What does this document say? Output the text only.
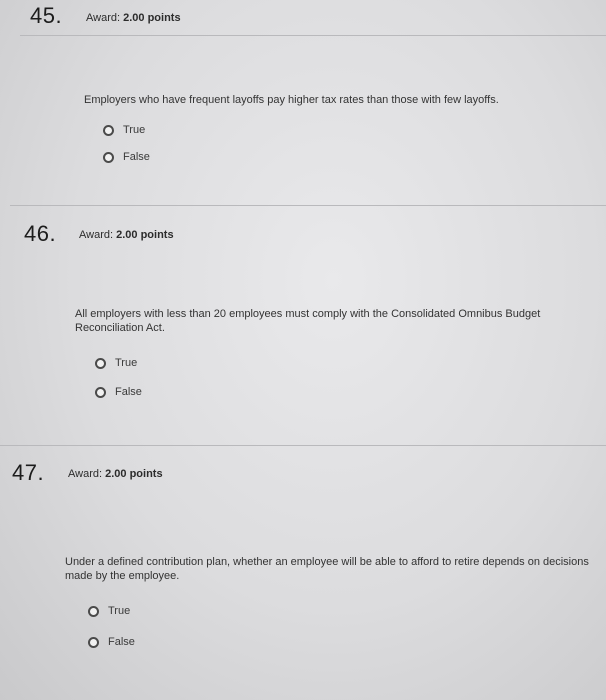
45. Award: 2.00 points
Employers who have frequent layoffs pay higher tax rates than those with few layoffs.
True
False
46. Award: 2.00 points
All employers with less than 20 employees must comply with the Consolidated Omnibus Budget Reconciliation Act.
True
False
47. Award: 2.00 points
Under a defined contribution plan, whether an employee will be able to afford to retire depends on decisions made by the employee.
True
False
